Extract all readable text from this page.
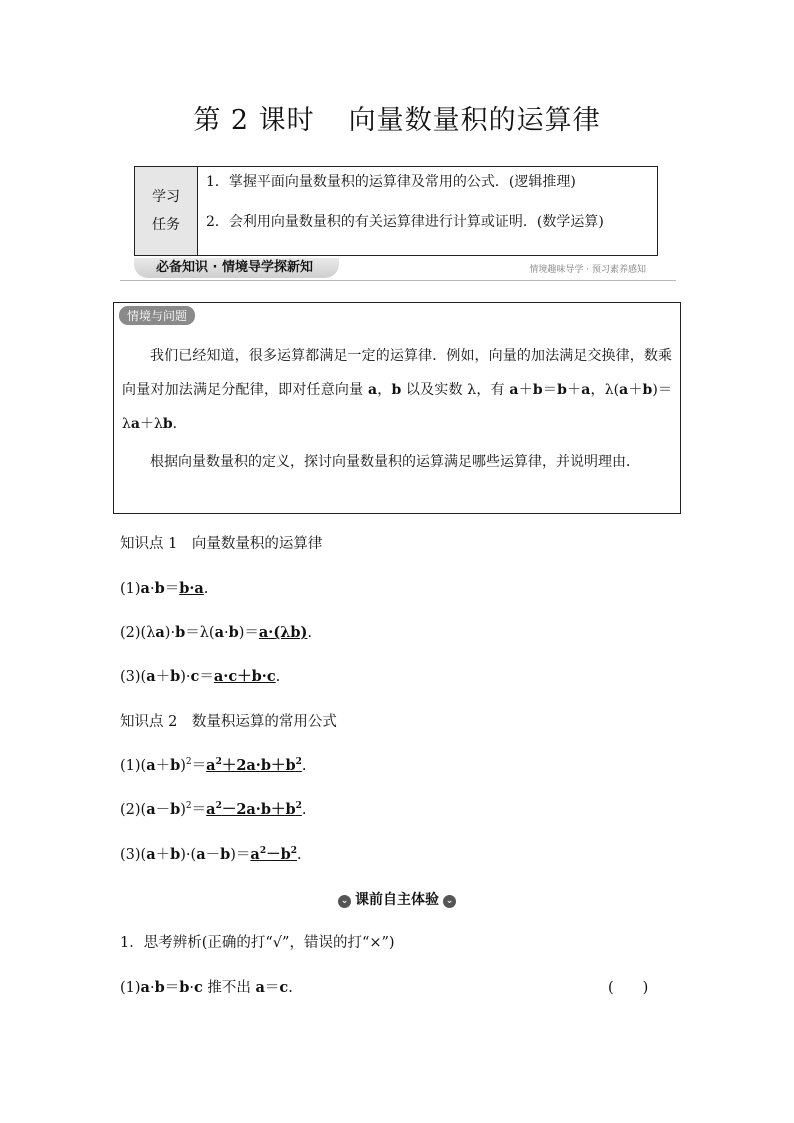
第 2 课时 向量数量积的运算律
学习
任务
1．掌握平面向量数量积的运算律及常用的公式．(逻辑推理)
2．会利用向量数量积的有关运算律进行计算或证明．(数学运算)
必备知识 · 情境导学探新知	情境趣味导学 · 预习素养感知
情境与问题
我们已经知道，很多运算都满足一定的运算律．例如，向量的加法满足交换律，数乘向量对加法满足分配律，即对任意向量 a，b 以及实数 λ，有 a＋b＝b＋a，λ(a＋b)＝λa＋λb．
根据向量数量积的定义，探讨向量数量积的运算满足哪些运算律，并说明理由．
知识点 1　向量数量积的运算律
(1)a·b＝b·a.
(2)(λa)·b＝λ(a·b)＝a·(λb).
(3)(a＋b)·c＝a·c＋b·c.
知识点 2　数量积运算的常用公式
$(1)(a+b)^2=a^2+2a\cdot b+b^2$.
$(2)(a-b)^2=a^2-2a\cdot b+b^2$.
$(3)(a+b)\cdot(a-b)=a^2-b^2$.
⌄ 课前自主体验 ⌄
1．思考辨析(正确的打“√”，错误的打“×”)
(1)a·b＝b·c 推不出 a＝c.	(　　)
